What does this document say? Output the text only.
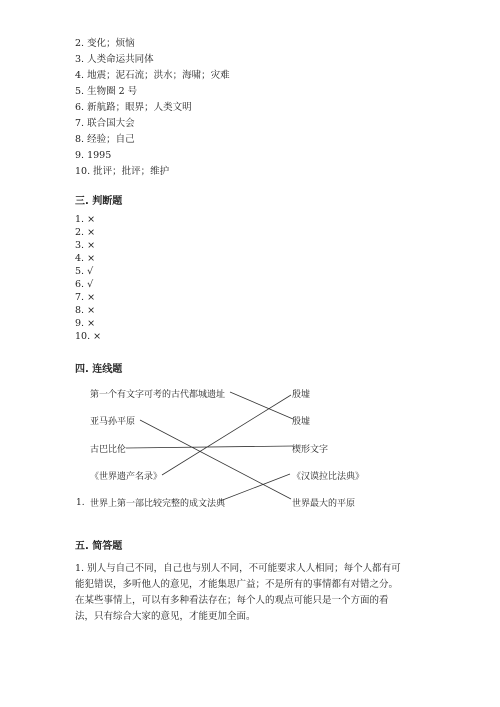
2. 变化；烦恼
3. 人类命运共同体
4. 地震；泥石流；洪水；海啸；灾难
5. 生物圈 2 号
6. 新航路；眼界；人类文明
7. 联合国大会
8. 经验；自己
9. 1995
10. 批评；批评；维护
三. 判断题
1. ×
2. ×
3. ×
4. ×
5. √
6. √
7. ×
8. ×
9. ×
10. ×
四. 连线题
第一个有文字可考的古代都城遗址
亚马孙平原
古巴比伦
《世界遗产名录》
1. 世界上第一部比较完整的成文法典
殷墟
殷墟
楔形文字
《汉谟拉比法典》
世界最大的平原
五. 简答题
1. 别人与自己不同，自己也与别人不同，不可能要求人人相同；每个人都有可
能犯错误，多听他人的意见，才能集思广益；不是所有的事情都有对错之分。
在某些事情上，可以有多种看法存在；每个人的观点可能只是一个方面的看
法，只有综合大家的意见，才能更加全面。
